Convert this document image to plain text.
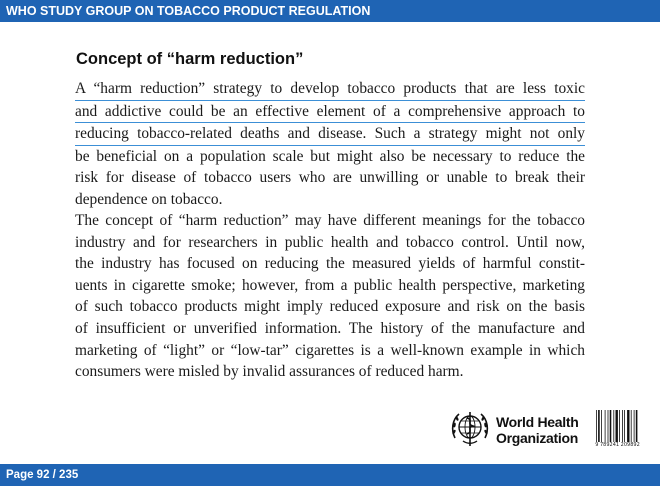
WHO STUDY GROUP ON TOBACCO PRODUCT REGULATION
Concept of “harm reduction”
A “harm reduction” strategy to develop tobacco products that are less toxic
and addictive could be an effective element of a comprehensive approach to
reducing tobacco-related deaths and disease. Such a strategy might not only
be beneficial on a population scale but might also be necessary to reduce the
risk for disease of tobacco users who are unwilling or unable to break their
dependence on tobacco.
The concept of “harm reduction” may have different meanings for the tobacco
industry and for researchers in public health and tobacco control. Until now,
the industry has focused on reducing the measured yields of harmful constit-
uents in cigarette smoke; however, from a public health perspective, marketing
of such tobacco products might imply reduced exposure and risk on the basis
of insufficient or unverified information. The history of the manufacture and
marketing of “light” or “low-tar” cigarettes is a well-known example in which
consumers were misled by invalid assurances of reduced harm.
World Health
Organization	9 789241 209892
Page 92 / 235
